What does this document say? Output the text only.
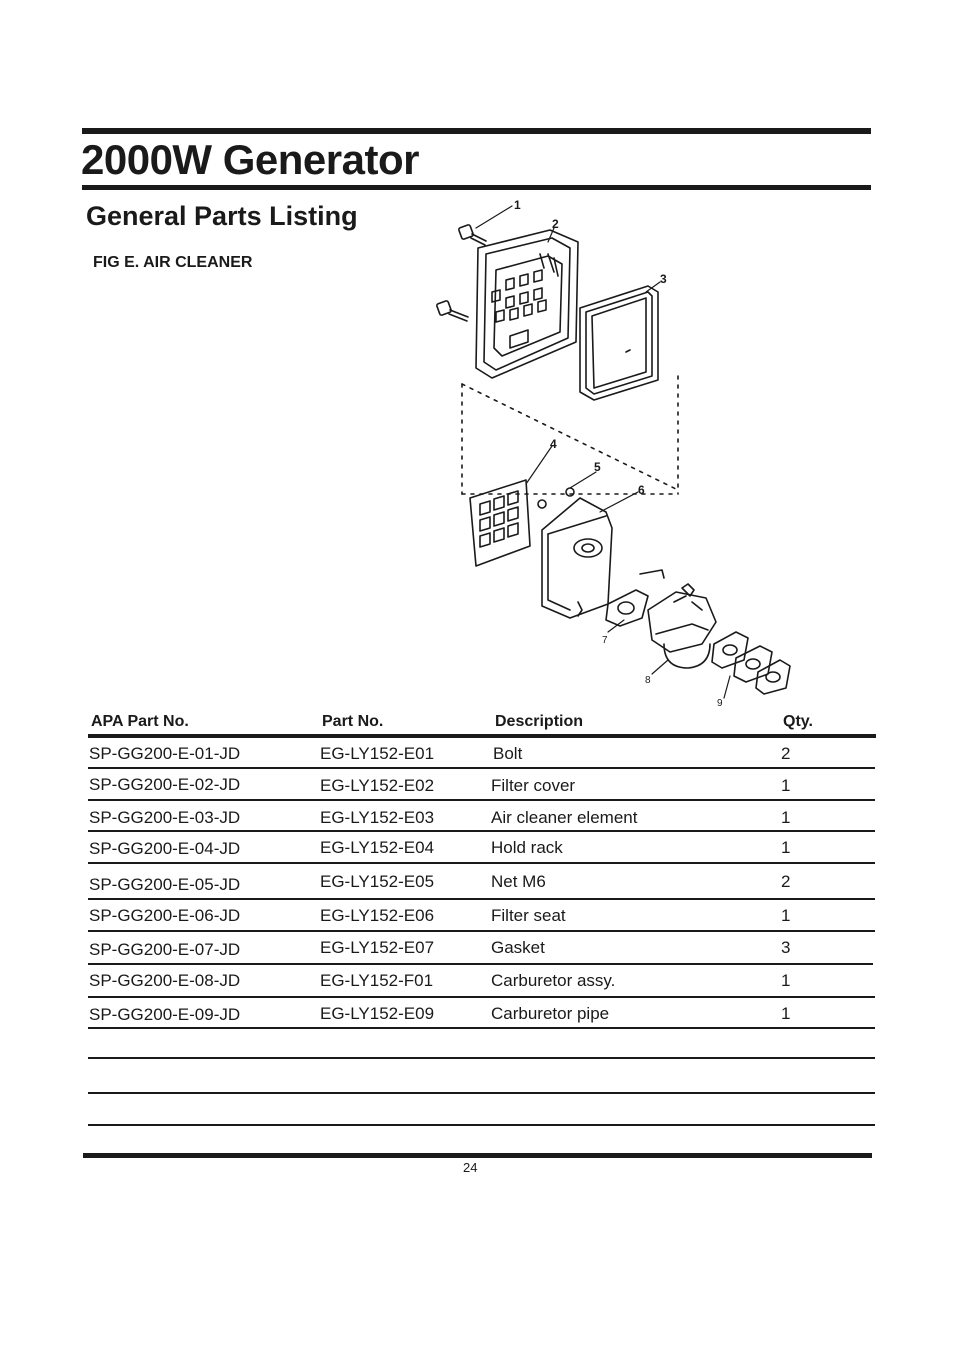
2000W Generator
General Parts Listing
FIG E. AIR CLEANER
1
2
3
4
5
6
7
8
9
APA Part No.	Part No.	Description	Qty.
SP-GG200-E-01-JD	EG-LY152-E01	Bolt	2
SP-GG200-E-02-JD	EG-LY152-E02	Filter cover	1
SP-GG200-E-03-JD	EG-LY152-E03	Air cleaner element	1
SP-GG200-E-04-JD	EG-LY152-E04	Hold rack	1
SP-GG200-E-05-JD	EG-LY152-E05	Net M6	2
SP-GG200-E-06-JD	EG-LY152-E06	Filter seat	1
SP-GG200-E-07-JD	EG-LY152-E07	Gasket	3
SP-GG200-E-08-JD	EG-LY152-F01	Carburetor assy.	1
SP-GG200-E-09-JD	EG-LY152-E09	Carburetor pipe	1
24
